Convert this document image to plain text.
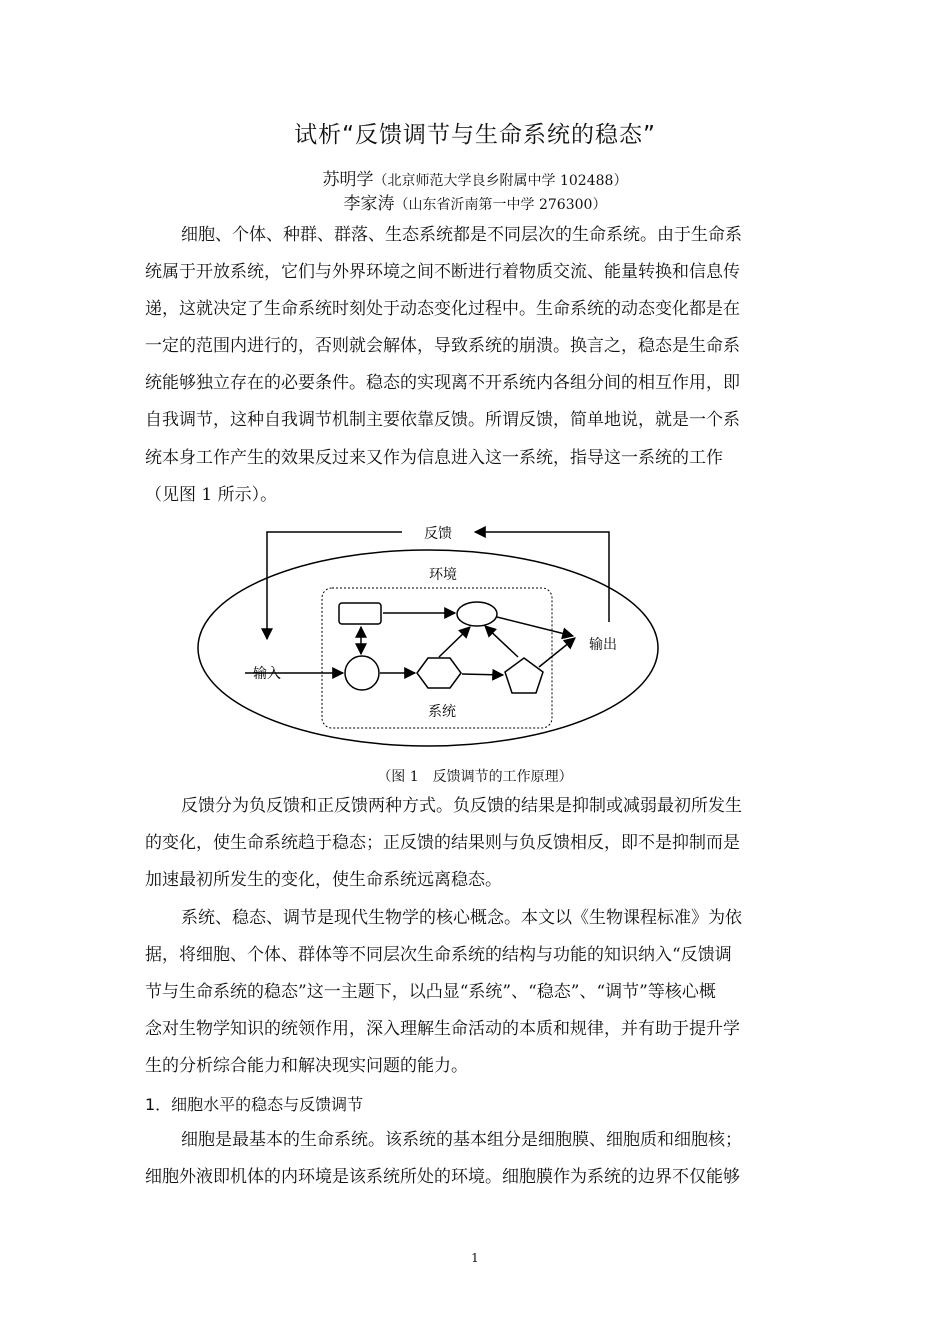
试析“反馈调节与生命系统的稳态”
苏明学（北京师范大学良乡附属中学 102488）
李家涛（山东省沂南第一中学 276300）
细胞、个体、种群、群落、生态系统都是不同层次的生命系统。由于生命系
统属于开放系统，它们与外界环境之间不断进行着物质交流、能量转换和信息传
递，这就决定了生命系统时刻处于动态变化过程中。生命系统的动态变化都是在
一定的范围内进行的，否则就会解体，导致系统的崩溃。换言之，稳态是生命系
统能够独立存在的必要条件。稳态的实现离不开系统内各组分间的相互作用，即
自我调节，这种自我调节机制主要依靠反馈。所谓反馈，简单地说，就是一个系
统本身工作产生的效果反过来又作为信息进入这一系统，指导这一系统的工作
（见图 1 所示）。
反馈
环境
输入
输出
系统
（图 1　反馈调节的工作原理）
反馈分为负反馈和正反馈两种方式。负反馈的结果是抑制或减弱最初所发生
的变化，使生命系统趋于稳态；正反馈的结果则与负反馈相反，即不是抑制而是
加速最初所发生的变化，使生命系统远离稳态。
系统、稳态、调节是现代生物学的核心概念。本文以《生物课程标准》为依
据，将细胞、个体、群体等不同层次生命系统的结构与功能的知识纳入“反馈调
节与生命系统的稳态”这一主题下，以凸显“系统”、“稳态”、“调节”等核心概
念对生物学知识的统领作用，深入理解生命活动的本质和规律，并有助于提升学
生的分析综合能力和解决现实问题的能力。
1．细胞水平的稳态与反馈调节
细胞是最基本的生命系统。该系统的基本组分是细胞膜、细胞质和细胞核；
细胞外液即机体的内环境是该系统所处的环境。细胞膜作为系统的边界不仅能够
1
